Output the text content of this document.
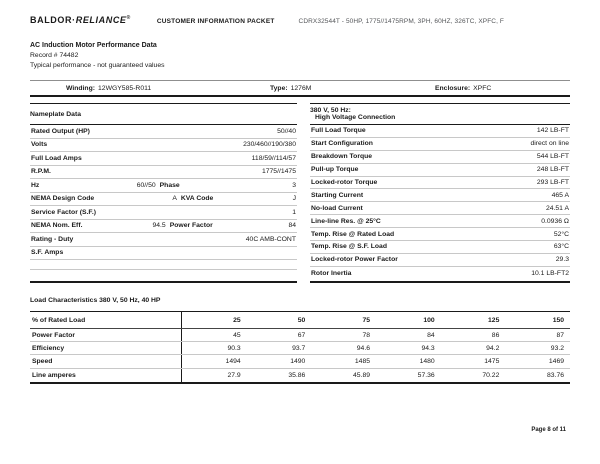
BALDOR·RELIANCE®	CUSTOMER INFORMATION PACKET	CDRX32544T - 50HP, 1775//1475RPM, 3PH, 60HZ, 326TC, XPFC, F
AC Induction Motor Performance Data
Record # 74482
Typical performance - not guaranteed values
Winding: 12WGY585-R011	Type: 1276M	Enclosure: XPFC
Nameplate Data
Rated Output (HP)	50//40
Volts	230/460//190/380
Full Load Amps	118/59//114/57
R.P.M.	1775//1475
Hz	60//50 Phase	3
NEMA Design Code	A KVA Code	J
Service Factor (S.F.)	1
NEMA Nom. Eff.	94.5 Power Factor	84
Rating - Duty	40C AMB-CONT
S.F. Amps
380 V, 50 Hz:
High Voltage Connection
Full Load Torque	142 LB-FT
Start Configuration	direct on line
Breakdown Torque	544 LB-FT
Pull-up Torque	248 LB-FT
Locked-rotor Torque	293 LB-FT
Starting Current	465 A
No-load Current	24.51 A
Line-line Res. @ 25°C	0.0936 Ω
Temp. Rise @ Rated Load	52°C
Temp. Rise @ S.F. Load	63°C
Locked-rotor Power Factor	29.3
Rotor Inertia	10.1 LB-FT2
Load Characteristics 380 V, 50 Hz, 40 HP
% of Rated Load	25	50	75	100	125	150
Power Factor	45	67	78	84	86	87
Efficiency	90.3	93.7	94.6	94.3	94.2	93.2
Speed	1494	1490	1485	1480	1475	1469
Line amperes	27.9	35.86	45.89	57.36	70.22	83.76
Page 8 of 11
